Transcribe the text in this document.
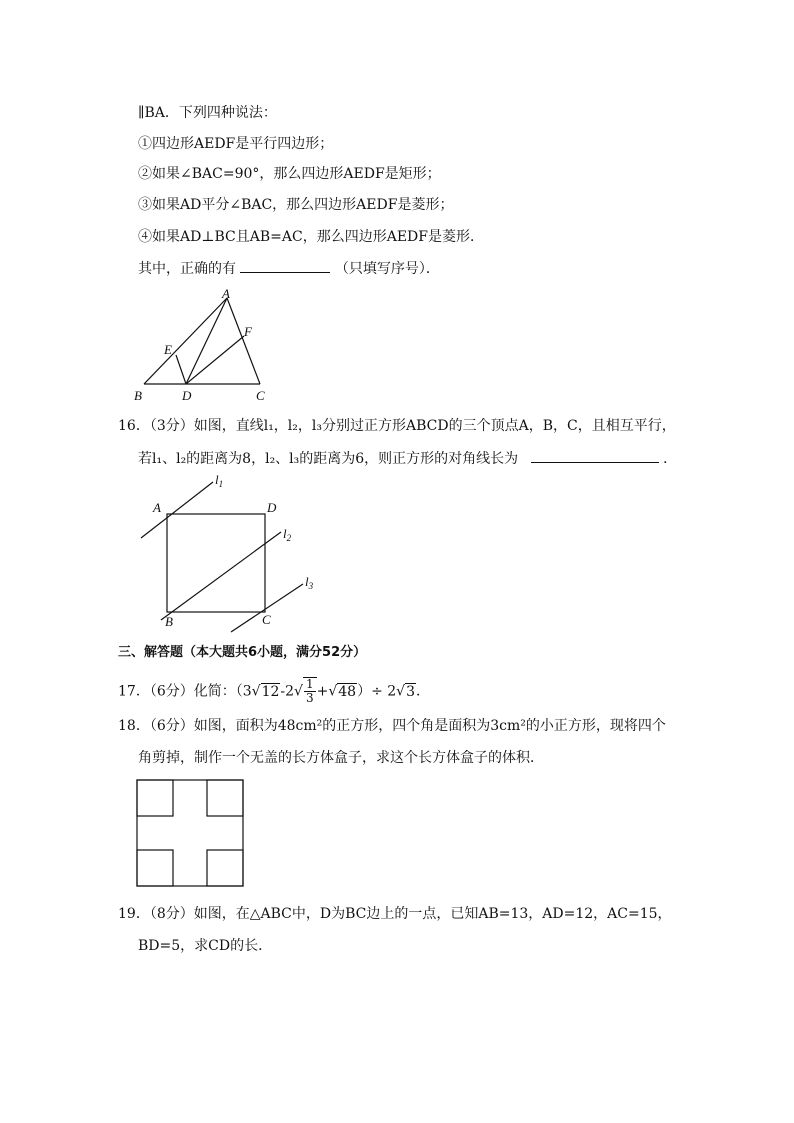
∥BA．下列四种说法：
①四边形AEDF是平行四边形；
②如果∠BAC=90°，那么四边形AEDF是矩形；
③如果AD平分∠BAC，那么四边形AEDF是菱形；
④如果AD⊥BC且AB=AC，那么四边形AEDF是菱形．
其中，正确的有	（只填写序号）．
A
B	C
D
E
F
16．（3分）如图，直线l₁，l₂，l₃分别过正方形ABCD的三个顶点A，B，C，且相互平行，
若l₁、l₂的距离为8，l₂、l₃的距离为6，则正方形的对角线长为	．
A	D
B	C
$l_1$
$l_2$
$l_3$
三、解答题（本大题共6小题，满分52分）
17．（6分）化简：$(3√12-2√ \frac{1}{3} +√48)\div 2√3$．
18．（6分）如图，面积为48cm²的正方形，四个角是面积为3cm²的小正方形，现将四个
角剪掉，制作一个无盖的长方体盒子，求这个长方体盒子的体积．
19．（8分）如图，在△ABC中，D为BC边上的一点，已知AB=13，AD=12，AC=15，
BD=5，求CD的长．
